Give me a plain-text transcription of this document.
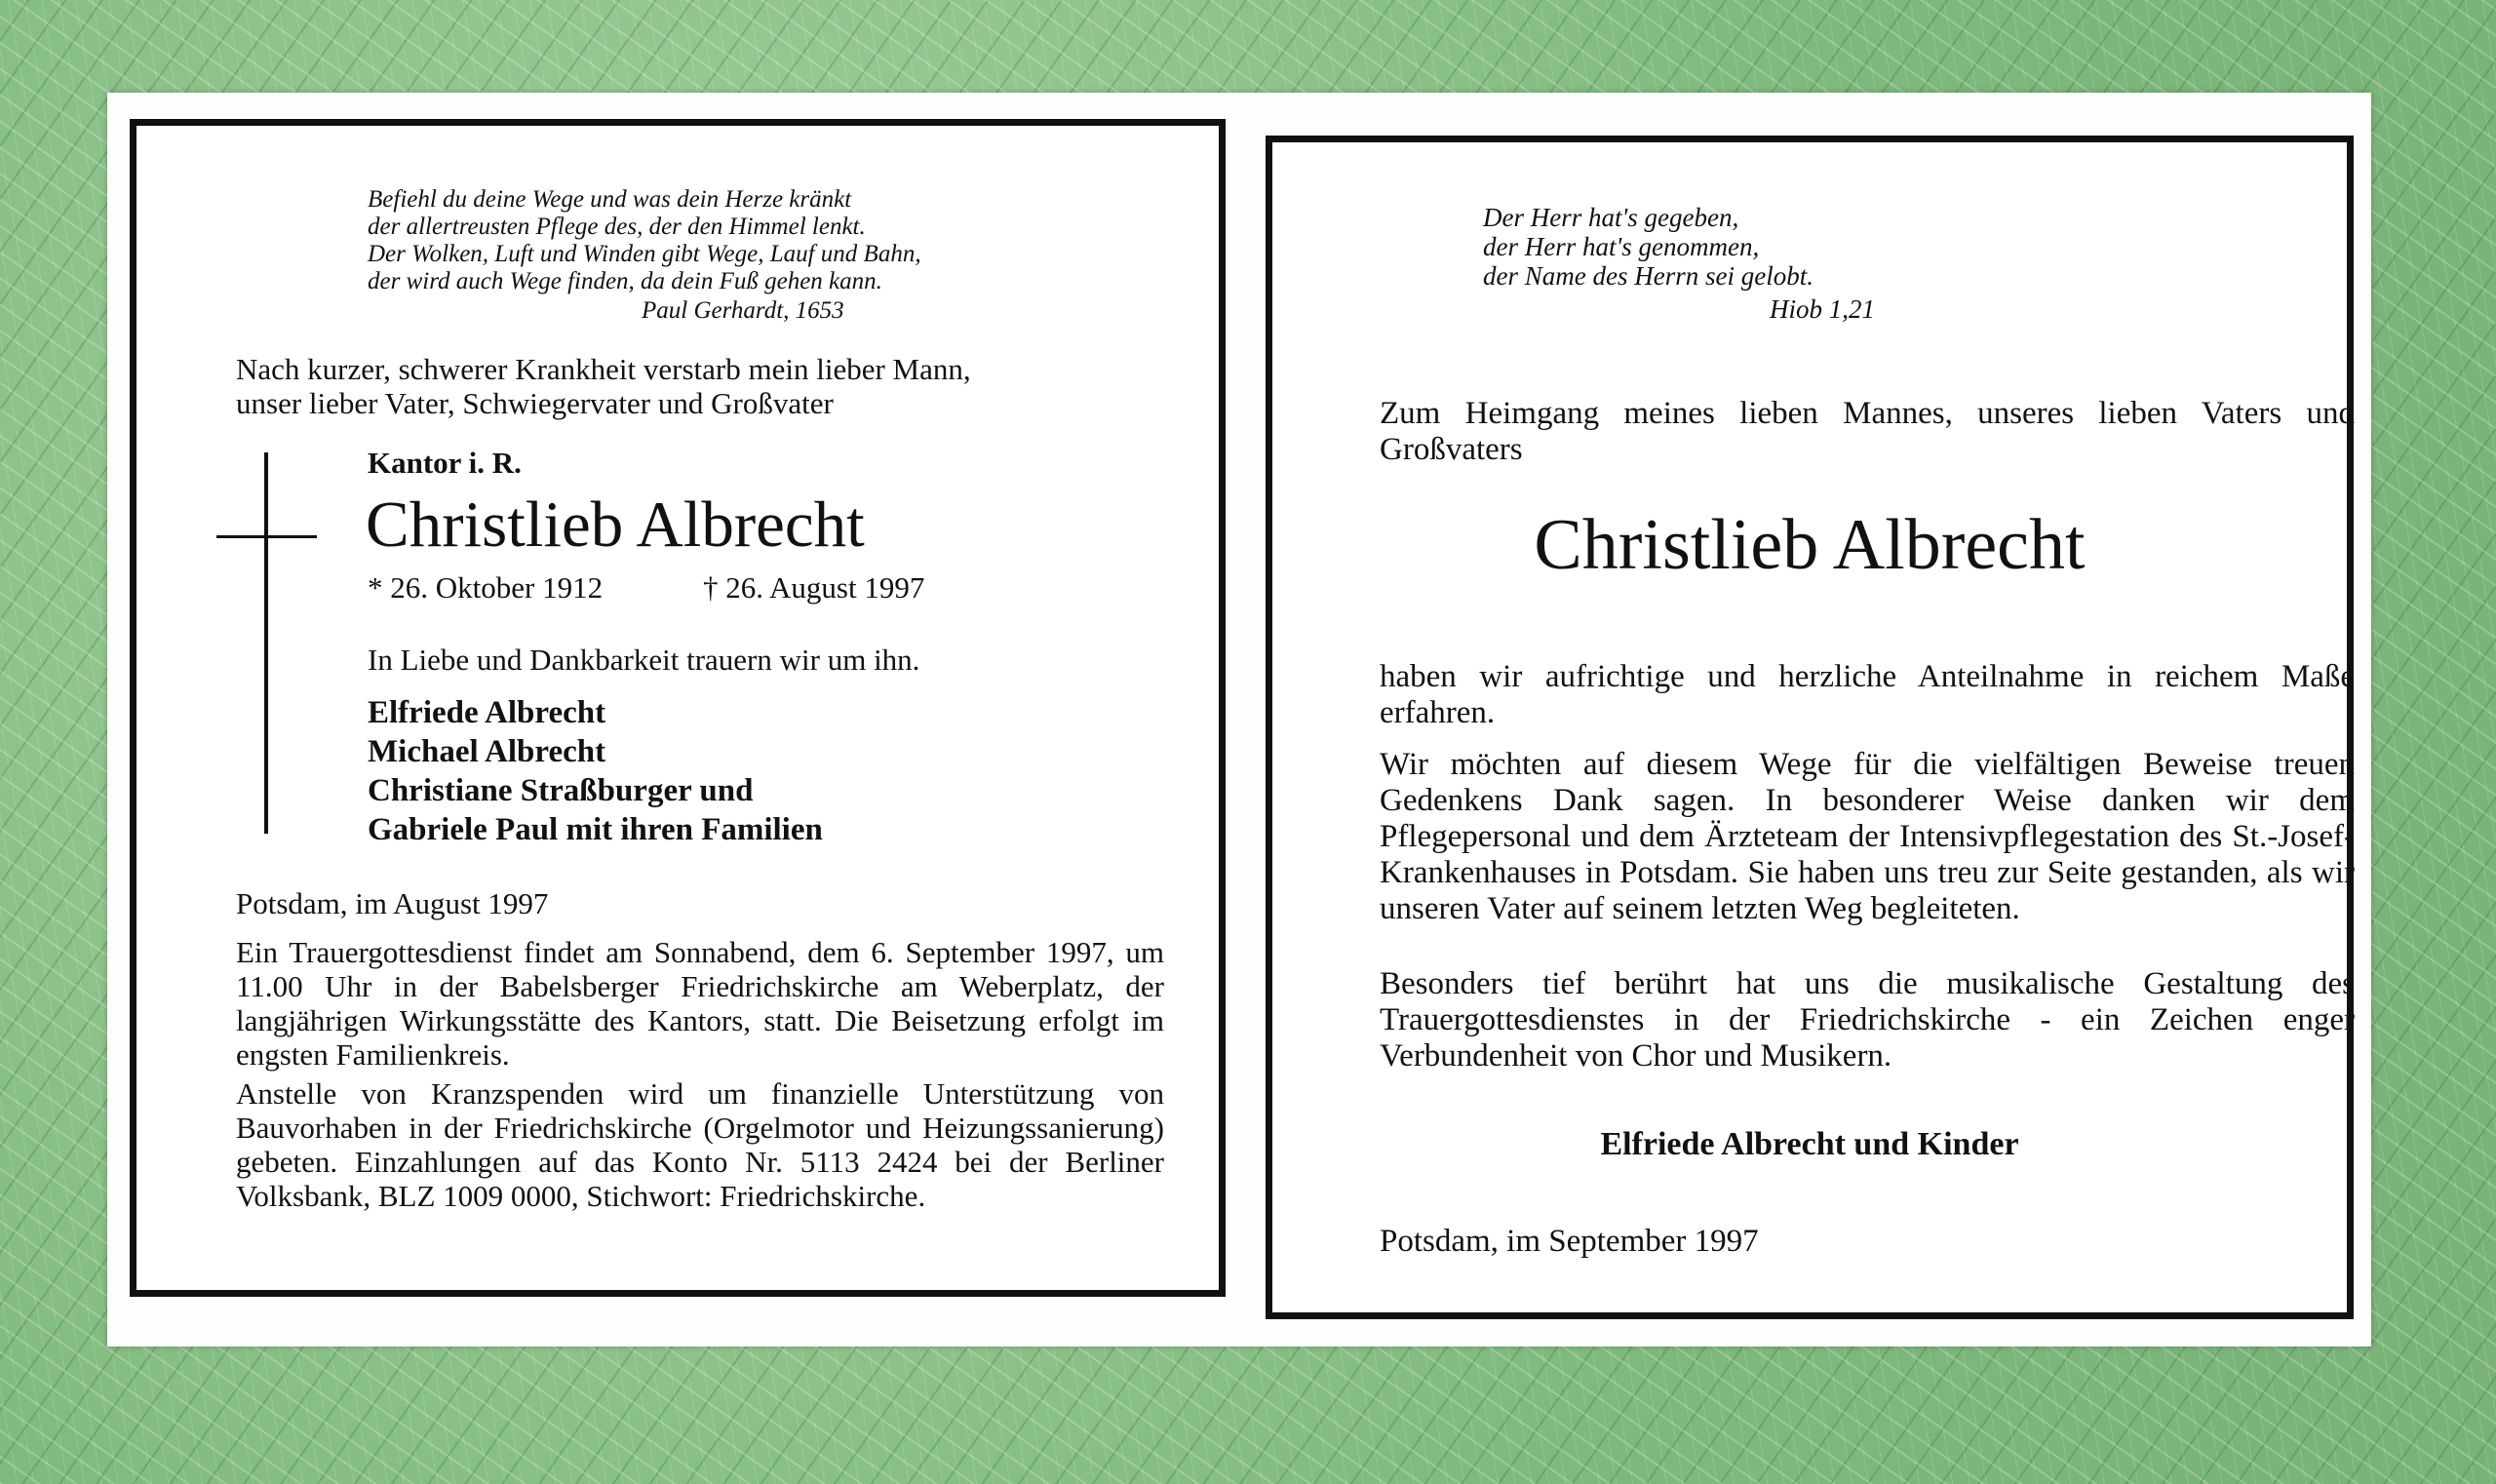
Befiehl du deine Wege und was dein Herze kränkt
der allertreusten Pflege des, der den Himmel lenkt.
Der Wolken, Luft und Winden gibt Wege, Lauf und Bahn,
der wird auch Wege finden, da dein Fuß gehen kann.
Paul Gerhardt, 1653
Nach kurzer, schwerer Krankheit verstarb mein lieber Mann,
unser lieber Vater, Schwiegervater und Großvater
Kantor i. R.
Christlieb Albrecht
* 26. Oktober 1912	† 26. August 1997
In Liebe und Dankbarkeit trauern wir um ihn.
Elfriede Albrecht
Michael Albrecht
Christiane Straßburger und
Gabriele Paul mit ihren Familien
Potsdam, im August 1997

Ein Trauergottesdienst findet am Sonnabend, dem 6. September 1997, um 11.00 Uhr in der Babelsberger Friedrichskirche am Weberplatz, der langjährigen Wirkungsstätte des Kantors, statt. Die Beisetzung erfolgt im engsten Familienkreis.

Anstelle von Kranzspenden wird um finanzielle Unterstützung von Bauvorhaben in der Friedrichskirche (Orgelmotor und Heizungssanierung) gebeten. Einzahlungen auf das Konto Nr. 5113 2424 bei der Berliner Volksbank, BLZ 1009 0000, Stichwort: Friedrichskirche.

Der Herr hat's gegeben,
der Herr hat's genommen,
der Name des Herrn sei gelobt.
Hiob 1,21

Zum Heimgang meines lieben Mannes, unseres lieben Vaters und Großvaters

Christlieb Albrecht

haben wir aufrichtige und herzliche Anteilnahme in reichem Maße erfahren.

Wir möchten auf diesem Wege für die vielfältigen Beweise treuen Gedenkens Dank sagen. In besonderer Weise danken wir dem Pflegepersonal und dem Ärzteteam der Intensivpflegestation des St.-Josef-Krankenhauses in Potsdam. Sie haben uns treu zur Seite gestanden, als wir unseren Vater auf seinem letzten Weg begleiteten.

Besonders tief berührt hat uns die musikalische Gestaltung des Trauergottesdienstes in der Friedrichskirche - ein Zeichen enger Verbundenheit von Chor und Musikern.

Elfriede Albrecht und Kinder
Potsdam, im September 1997
